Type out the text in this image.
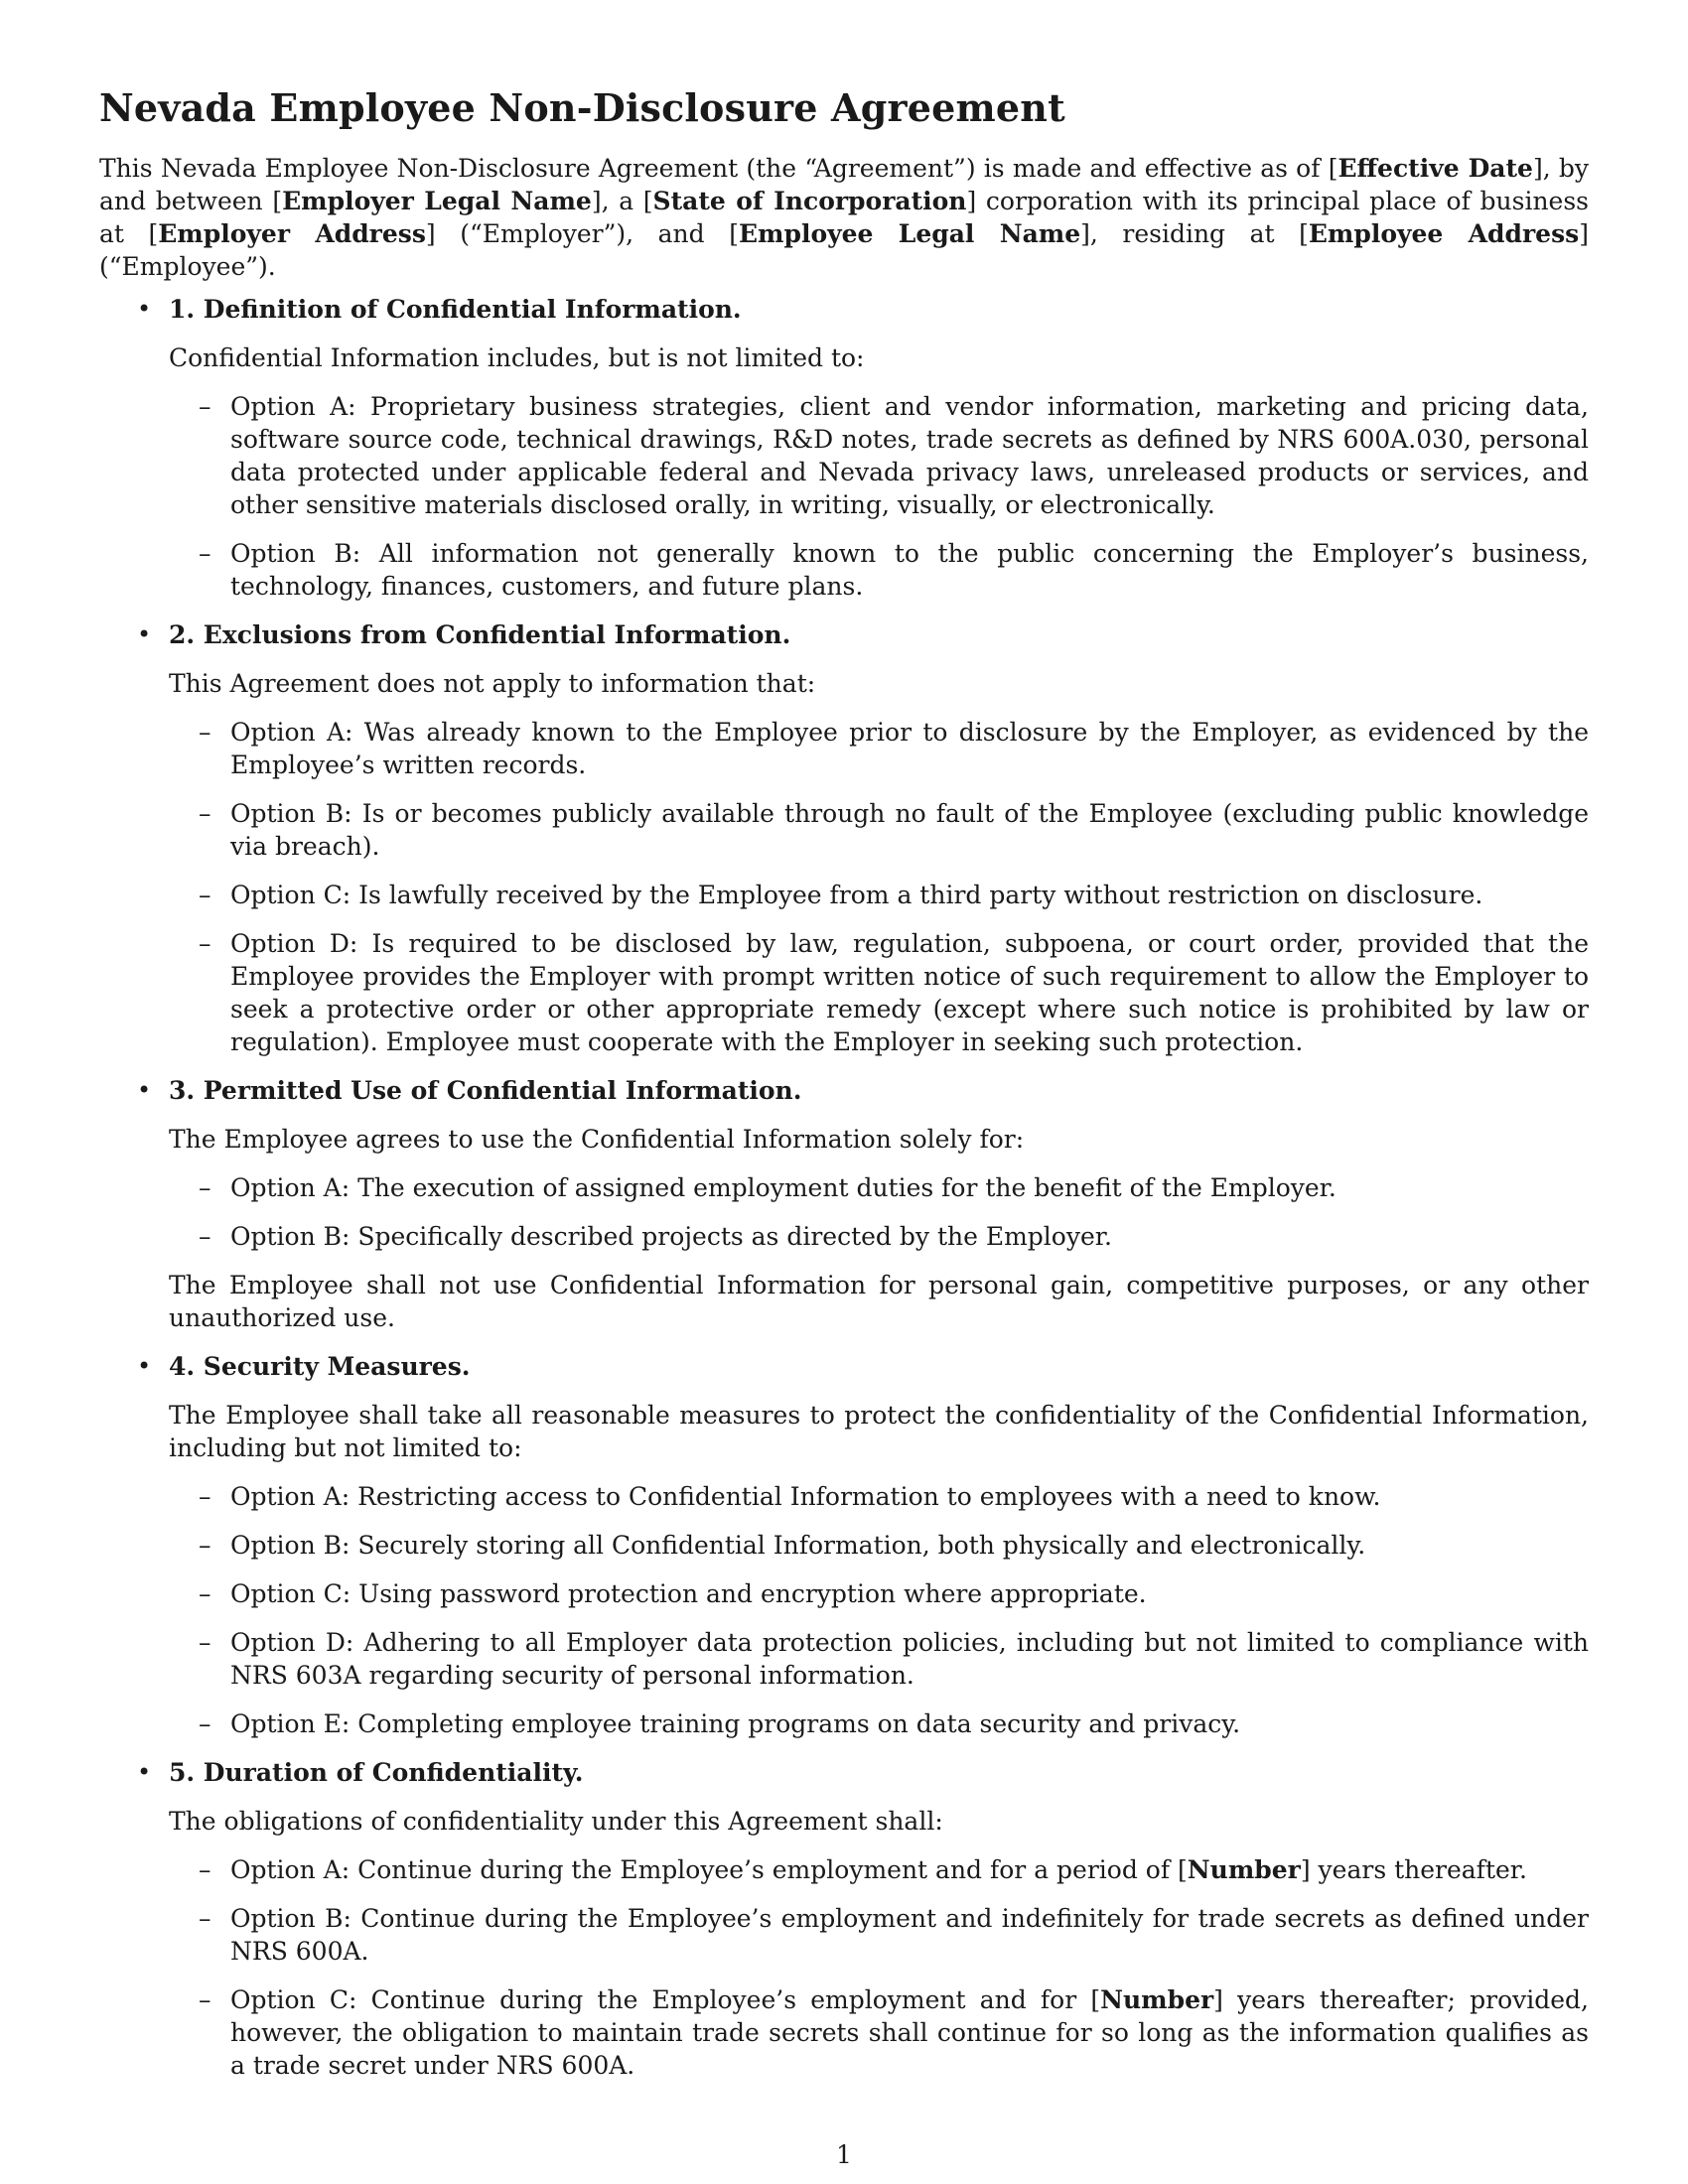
Nevada Employee Non-Disclosure Agreement

This Nevada Employee Non-Disclosure Agreement (the “Agreement”) is made and effective as of [Effective Date], by and between [Employer Legal Name], a [State of Incorporation] corporation with its principal place of business at [Employer Address] (“Employer”), and [Employee Legal Name], residing at [Employee Address] (“Employee”).

• 1. Definition of Confidential Information.
Confidential Information includes, but is not limited to:
– Option A: Proprietary business strategies, client and vendor information, marketing and pricing data, software source code, technical drawings, R&D notes, trade secrets as defined by NRS 600A.030, personal data protected under applicable federal and Nevada privacy laws, unreleased products or services, and other sensitive materials disclosed orally, in writing, visually, or electronically.
– Option B: All information not generally known to the public concerning the Employer’s business, technology, finances, customers, and future plans.
• 2. Exclusions from Confidential Information.
This Agreement does not apply to information that:
– Option A: Was already known to the Employee prior to disclosure by the Employer, as evidenced by the Employee’s written records.
– Option B: Is or becomes publicly available through no fault of the Employee (excluding public knowledge via breach).
– Option C: Is lawfully received by the Employee from a third party without restriction on disclosure.
– Option D: Is required to be disclosed by law, regulation, subpoena, or court order, provided that the Employee provides the Employer with prompt written notice of such requirement to allow the Employer to seek a protective order or other appropriate remedy (except where such notice is prohibited by law or regulation). Employee must cooperate with the Employer in seeking such protection.
• 3. Permitted Use of Confidential Information.
The Employee agrees to use the Confidential Information solely for:
– Option A: The execution of assigned employment duties for the benefit of the Employer.
– Option B: Specifically described projects as directed by the Employer.
The Employee shall not use Confidential Information for personal gain, competitive purposes, or any other unauthorized use.
• 4. Security Measures.
The Employee shall take all reasonable measures to protect the confidentiality of the Confidential Information, including but not limited to:
– Option A: Restricting access to Confidential Information to employees with a need to know.
– Option B: Securely storing all Confidential Information, both physically and electronically.
– Option C: Using password protection and encryption where appropriate.
– Option D: Adhering to all Employer data protection policies, including but not limited to compliance with NRS 603A regarding security of personal information.
– Option E: Completing employee training programs on data security and privacy.
• 5. Duration of Confidentiality.
The obligations of confidentiality under this Agreement shall:
– Option A: Continue during the Employee’s employment and for a period of [Number] years thereafter.
– Option B: Continue during the Employee’s employment and indefinitely for trade secrets as defined under NRS 600A.
– Option C: Continue during the Employee’s employment and for [Number] years thereafter; provided, however, the obligation to maintain trade secrets shall continue for so long as the information qualifies as a trade secret under NRS 600A.
1
